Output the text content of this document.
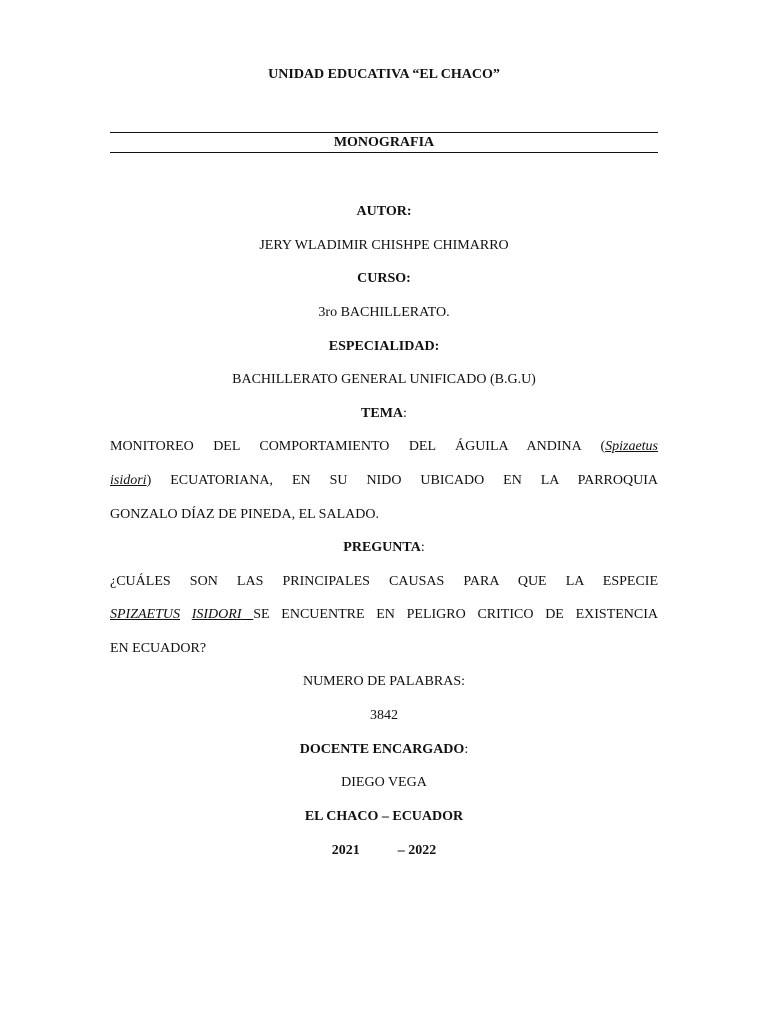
UNIDAD EDUCATIVA “EL CHACO”
MONOGRAFIA
AUTOR:
JERY WLADIMIR CHISHPE CHIMARRO
CURSO:
3ro BACHILLERATO.
ESPECIALIDAD:
BACHILLERATO GENERAL UNIFICADO (B.G.U)
TEMA:
MONITOREO DEL COMPORTAMIENTO DEL ÁGUILA ANDINA (Spizaetus
isidori) ECUATORIANA, EN SU NIDO UBICADO EN LA PARROQUIA
GONZALO DÍAZ DE PINEDA, EL SALADO.
PREGUNTA:
¿CUÁLES SON LAS PRINCIPALES CAUSAS PARA QUE LA ESPECIE
SPIZAETUS ISIDORI SE ENCUENTRE EN PELIGRO CRITICO DE EXISTENCIA
EN ECUADOR?
NUMERO DE PALABRAS:
3842
DOCENTE ENCARGADO:
DIEGO VEGA
EL CHACO – ECUADOR
2021	– 2022
